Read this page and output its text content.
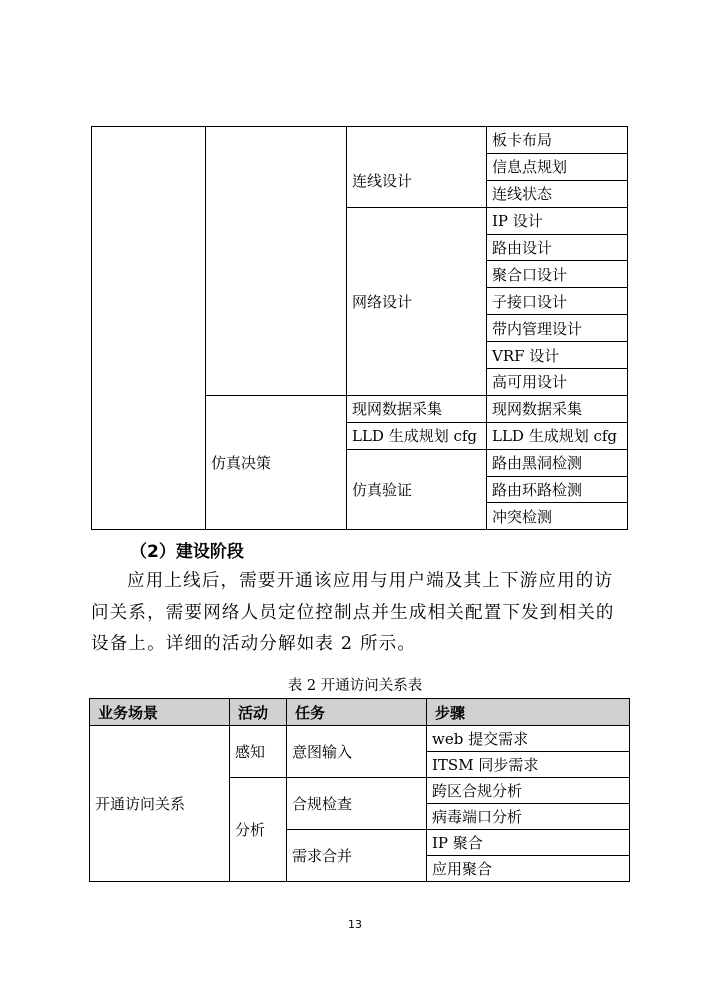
			板卡布局
		连线设计	信息点规划
			连线状态
		网络设计	IP 设计
			路由设计
			聚合口设计
			子接口设计
			带内管理设计
			VRF 设计
			高可用设计
	仿真决策	现网数据采集	现网数据采集
		LLD 生成规划 cfg	LLD 生成规划 cfg
		仿真验证	路由黑洞检测
			路由环路检测
			冲突检测
（2）建设阶段

应用上线后，需要开通该应用与用户端及其上下游应用的访问关系，需要网络人员定位控制点并生成相关配置下发到相关的设备上。详细的活动分解如表 2 所示。

表 2 开通访问关系表
业务场景	活动	任务	步骤
开通访问关系	感知	意图输入	web 提交需求
			ITSM 同步需求
	分析	合规检查	跨区合规分析
			病毒端口分析
		需求合并	IP 聚合
			应用聚合
13
